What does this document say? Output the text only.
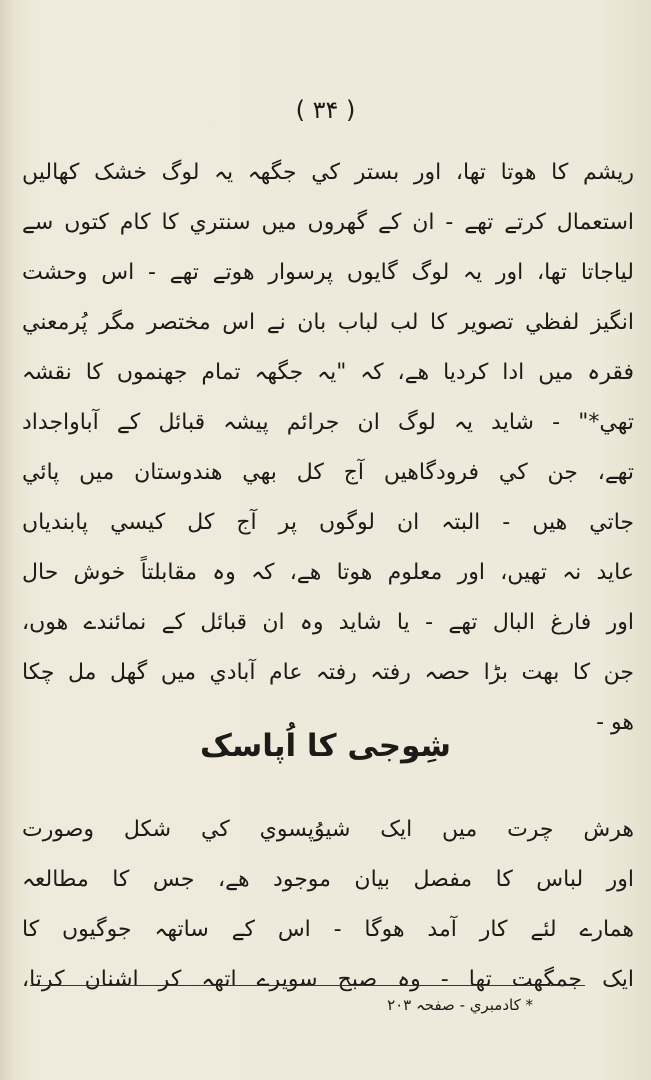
( ۳۴ )
ریشم کا ھوتا تھا، اور بستر کي جگھہ یہ لوگ خشک کھالیں
استعمال کرتے تھے - ان کے گھروں میں سنتري کا کام کتوں سے
لیاجاتا تھا، اور یہ لوگ گایوں پرسوار ھوتے تھے - اس وحشت
انگیز لفظي تصویر کا لب لباب بان نے اس مختصر مگر پُرمعني
فقرہ میں ادا کردیا ھے، کہ "یہ جگھہ تمام جھنموں کا نقشہ
تھي*" - شاید یہ لوگ ان جرائم پیشہ قبائل کے آباواجداد
تھے، جن کي فرودگاھیں آج کل بھي ھندوستان میں پائي
جاتي ھیں - البتہ ان لوگوں پر آج کل کیسي پابندیاں
عاید نہ تھیں، اور معلوم ھوتا ھے، کہ وہ مقابلتاً خوش حال
اور فارغ البال تھے - یا شاید وہ ان قبائل کے نمائندے ھوں،
جن کا بھت بڑا حصہ رفتہ رفتہ عام آبادي میں گھل مل چکا
ھو -
شِوجی کا اُپاسک
ھرش چرت میں ایک شیوُپسوي کي شکل وصورت
اور لباس کا مفصل بیان موجود ھے، جس کا مطالعہ
ھمارے لئے کار آمد ھوگا - اس کے ساتھہ جوگیوں کا
ایک جمگھت تھا - وہ صبح سویرے اتھہ کر اشنان کرتا،
* کادمبري - صفحہ ۲۰۳
